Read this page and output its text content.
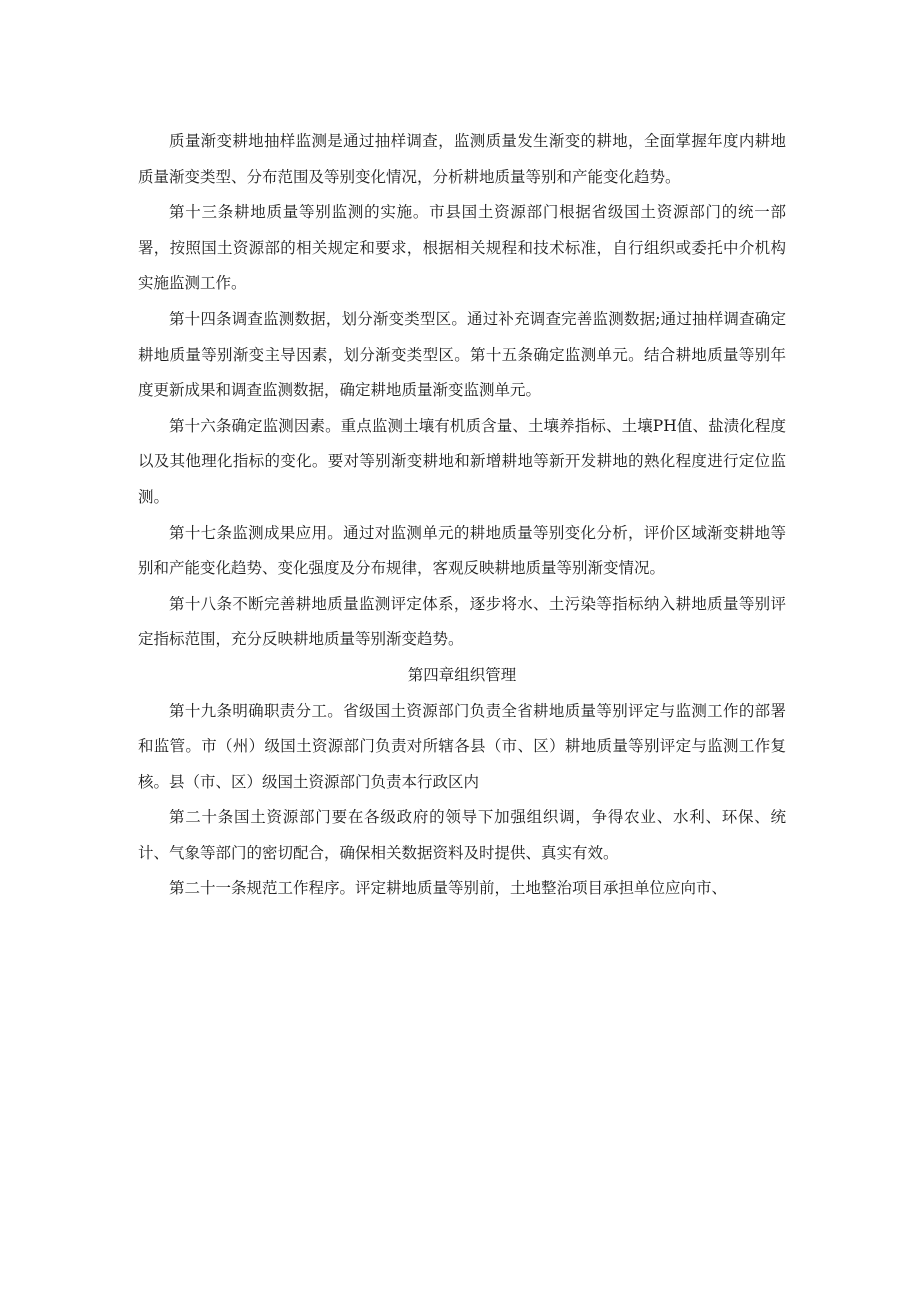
质量渐变耕地抽样监测是通过抽样调查，监测质量发生渐变的耕地，全面掌握年度内耕地质量渐变类型、分布范围及等别变化情况，分析耕地质量等别和产能变化趋势。

第十三条耕地质量等别监测的实施。市县国土资源部门根据省级国土资源部门的统一部署，按照国土资源部的相关规定和要求，根据相关规程和技术标准，自行组织或委托中介机构实施监测工作。

第十四条调查监测数据，划分渐变类型区。通过补充调查完善监测数据;通过抽样调查确定耕地质量等别渐变主导因素，划分渐变类型区。第十五条确定监测单元。结合耕地质量等别年度更新成果和调查监测数据，确定耕地质量渐变监测单元。

第十六条确定监测因素。重点监测土壤有机质含量、土壤养指标、土壤PH值、盐渍化程度以及其他理化指标的变化。要对等别渐变耕地和新增耕地等新开发耕地的熟化程度进行定位监测。

第十七条监测成果应用。通过对监测单元的耕地质量等别变化分析，评价区域渐变耕地等别和产能变化趋势、变化强度及分布规律，客观反映耕地质量等别渐变情况。

第十八条不断完善耕地质量监测评定体系，逐步将水、土污染等指标纳入耕地质量等别评定指标范围，充分反映耕地质量等别渐变趋势。

第四章组织管理

第十九条明确职责分工。省级国土资源部门负责全省耕地质量等别评定与监测工作的部署和监管。市（州）级国土资源部门负责对所辖各县（市、区）耕地质量等别评定与监测工作复核。县（市、区）级国土资源部门负责本行政区内

第二十条国土资源部门要在各级政府的领导下加强组织调，争得农业、水利、环保、统计、气象等部门的密切配合，确保相关数据资料及时提供、真实有效。

第二十一条规范工作程序。评定耕地质量等别前，土地整治项目承担单位应向市、
